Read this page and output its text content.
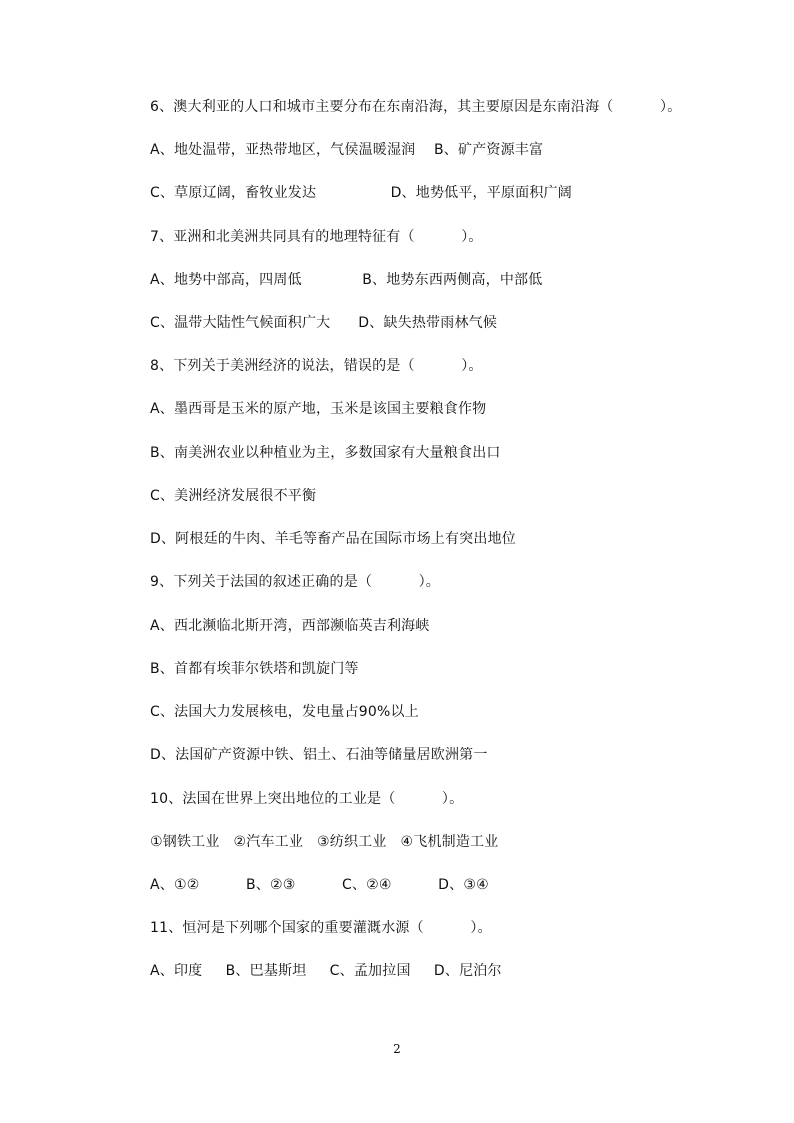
6、澳大利亚的人口和城市主要分布在东南沿海，其主要原因是东南沿海（          ）。
A、地处温带，亚热带地区，气侯温暖湿润    B、矿产资源丰富
C、草原辽阔，畜牧业发达                D、地势低平，平原面积广阔
7、亚洲和北美洲共同具有的地理特征有（          ）。
A、地势中部高，四周低             B、地势东西两侧高，中部低
C、温带大陆性气候面积广大      D、缺失热带雨林气候
8、下列关于美洲经济的说法，错误的是（          ）。
A、墨西哥是玉米的原产地，玉米是该国主要粮食作物
B、南美洲农业以种植业为主，多数国家有大量粮食出口
C、美洲经济发展很不平衡
D、阿根廷的牛肉、羊毛等畜产品在国际市场上有突出地位
9、下列关于法国的叙述正确的是（          ）。
A、西北濒临北斯开湾，西部濒临英吉利海峡
B、首都有埃菲尔铁塔和凯旋门等
C、法国大力发展核电，发电量占90%以上
D、法国矿产资源中铁、铝土、石油等储量居欧洲第一
10、法国在世界上突出地位的工业是（          ）。
①钢铁工业   ②汽车工业   ③纺织工业   ④飞机制造工业
A、①②          B、②③          C、②④          D、③④
11、恒河是下列哪个国家的重要灌溉水源（          ）。
A、印度     B、巴基斯坦     C、孟加拉国     D、尼泊尔
2
